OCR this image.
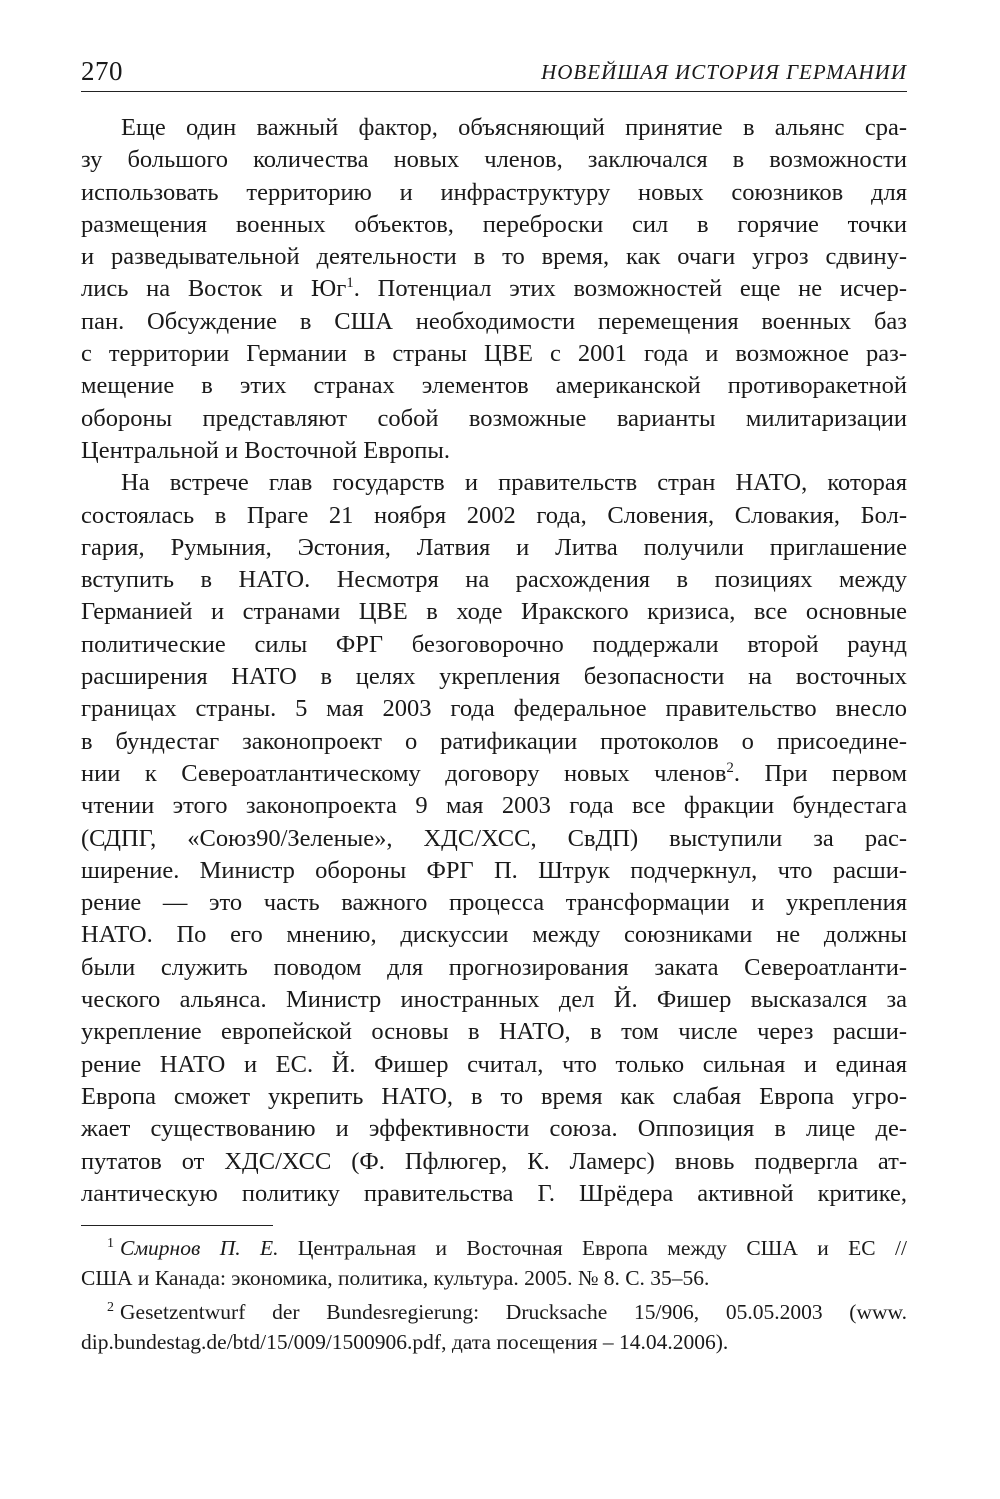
270	НОВЕЙШАЯ ИСТОРИЯ ГЕРМАНИИ
Еще один важный фактор, объясняющий принятие в альянс сра-
зу большого количества новых членов, заключался в возможности
использовать территорию и инфраструктуру новых союзников для
размещения военных объектов, переброски сил в горячие точки
и разведывательной деятельности в то время, как очаги угроз сдвину-
лись на Восток и Юг$^1$. Потенциал этих возможностей еще не исчер-
пан. Обсуждение в США необходимости перемещения военных баз
с территории Германии в страны ЦВЕ с 2001 года и возможное раз-
мещение в этих странах элементов американской противоракетной
обороны представляют собой возможные варианты милитаризации
Центральной и Восточной Европы.
На встрече глав государств и правительств стран НАТО, которая
состоялась в Праге 21 ноября 2002 года, Словения, Словакия, Бол-
гария, Румыния, Эстония, Латвия и Литва получили приглашение
вступить в НАТО. Несмотря на расхождения в позициях между
Германией и странами ЦВЕ в ходе Иракского кризиса, все основные
политические силы ФРГ безоговорочно поддержали второй раунд
расширения НАТО в целях укрепления безопасности на восточных
границах страны. 5 мая 2003 года федеральное правительство внесло
в бундестаг законопроект о ратификации протоколов о присоедине-
нии к Североатлантическому договору новых членов$^2$. При первом
чтении этого законопроекта 9 мая 2003 года все фракции бундестага
(СДПГ, «Союз90/Зеленые», ХДС/ХСС, СвДП) выступили за рас-
ширение. Министр обороны ФРГ П. Штрук подчеркнул, что расши-
рение — это часть важного процесса трансформации и укрепления
НАТО. По его мнению, дискуссии между союзниками не должны
были служить поводом для прогнозирования заката Североатланти-
ческого альянса. Министр иностранных дел Й. Фишер высказался за
укрепление европейской основы в НАТО, в том числе через расши-
рение НАТО и ЕС. Й. Фишер считал, что только сильная и единая
Европа сможет укрепить НАТО, в то время как слабая Европа угро-
жает существованию и эффективности союза. Оппозиция в лице де-
путатов от ХДС/ХСС (Ф. Пфлюгер, К. Ламерс) вновь подвергла ат-
лантическую политику правительства Г. Шрёдера активной критике,
$^1$ Смирнов П. Е. Центральная и Восточная Европа между США и ЕС //
США и Канада: экономика, политика, культура. 2005. № 8. С. 35–56.
$^2$ Gesetzentwurf der Bundesregierung: Drucksache 15/906, 05.05.2003 (www.
dip.bundestag.de/btd/15/009/1500906.pdf, дата посещения – 14.04.2006).
